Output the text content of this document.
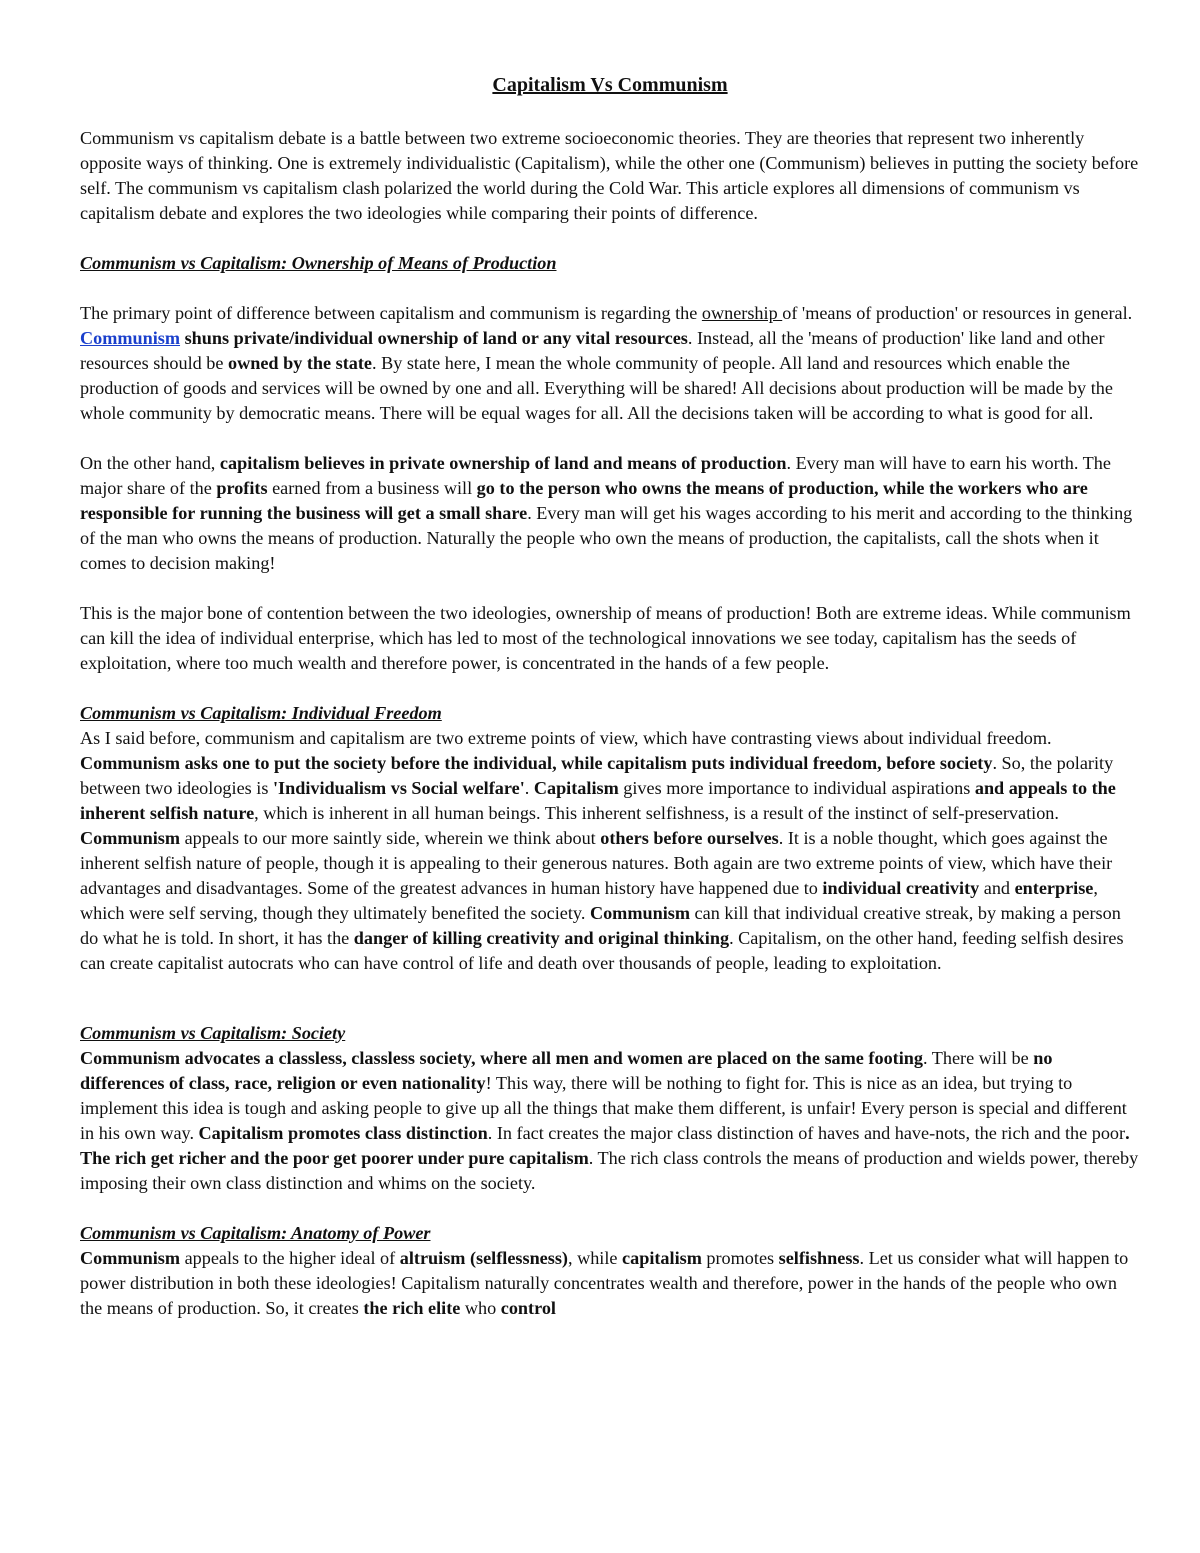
Capitalism Vs Communism

Communism vs capitalism debate is a battle between two extreme socioeconomic theories. They are theories that represent two inherently opposite ways of thinking. One is extremely individualistic (Capitalism), while the other one (Communism) believes in putting the society before self. The communism vs capitalism clash polarized the world during the Cold War. This article explores all dimensions of communism vs capitalism debate and explores the two ideologies while comparing their points of difference.

Communism vs Capitalism: Ownership of Means of Production

The primary point of difference between capitalism and communism is regarding the ownership of 'means of production' or resources in general. Communism shuns private/individual ownership of land or any vital resources. Instead, all the 'means of production' like land and other resources should be owned by the state. By state here, I mean the whole community of people. All land and resources which enable the production of goods and services will be owned by one and all. Everything will be shared! All decisions about production will be made by the whole community by democratic means. There will be equal wages for all. All the decisions taken will be according to what is good for all.

On the other hand, capitalism believes in private ownership of land and means of production. Every man will have to earn his worth. The major share of the profits earned from a business will go to the person who owns the means of production, while the workers who are responsible for running the business will get a small share. Every man will get his wages according to his merit and according to the thinking of the man who owns the means of production. Naturally the people who own the means of production, the capitalists, call the shots when it comes to decision making!

This is the major bone of contention between the two ideologies, ownership of means of production! Both are extreme ideas. While communism can kill the idea of individual enterprise, which has led to most of the technological innovations we see today, capitalism has the seeds of exploitation, where too much wealth and therefore power, is concentrated in the hands of a few people.

Communism vs Capitalism: Individual Freedom

As I said before, communism and capitalism are two extreme points of view, which have contrasting views about individual freedom. Communism asks one to put the society before the individual, while capitalism puts individual freedom, before society. So, the polarity between two ideologies is 'Individualism vs Social welfare'. Capitalism gives more importance to individual aspirations and appeals to the inherent selfish nature, which is inherent in all human beings. This inherent selfishness, is a result of the instinct of self-preservation. Communism appeals to our more saintly side, wherein we think about others before ourselves. It is a noble thought, which goes against the inherent selfish nature of people, though it is appealing to their generous natures. Both again are two extreme points of view, which have their advantages and disadvantages. Some of the greatest advances in human history have happened due to individual creativity and enterprise, which were self serving, though they ultimately benefited the society. Communism can kill that individual creative streak, by making a person do what he is told. In short, it has the danger of killing creativity and original thinking. Capitalism, on the other hand, feeding selfish desires can create capitalist autocrats who can have control of life and death over thousands of people, leading to exploitation.

Communism vs Capitalism: Society

Communism advocates a classless, classless society, where all men and women are placed on the same footing. There will be no differences of class, race, religion or even nationality! This way, there will be nothing to fight for. This is nice as an idea, but trying to implement this idea is tough and asking people to give up all the things that make them different, is unfair! Every person is special and different in his own way. Capitalism promotes class distinction. In fact creates the major class distinction of haves and have-nots, the rich and the poor. The rich get richer and the poor get poorer under pure capitalism. The rich class controls the means of production and wields power, thereby imposing their own class distinction and whims on the society.

Communism vs Capitalism: Anatomy of Power

Communism appeals to the higher ideal of altruism (selflessness), while capitalism promotes selfishness. Let us consider what will happen to power distribution in both these ideologies! Capitalism naturally concentrates wealth and therefore, power in the hands of the people who own the means of production. So, it creates the rich elite who control
